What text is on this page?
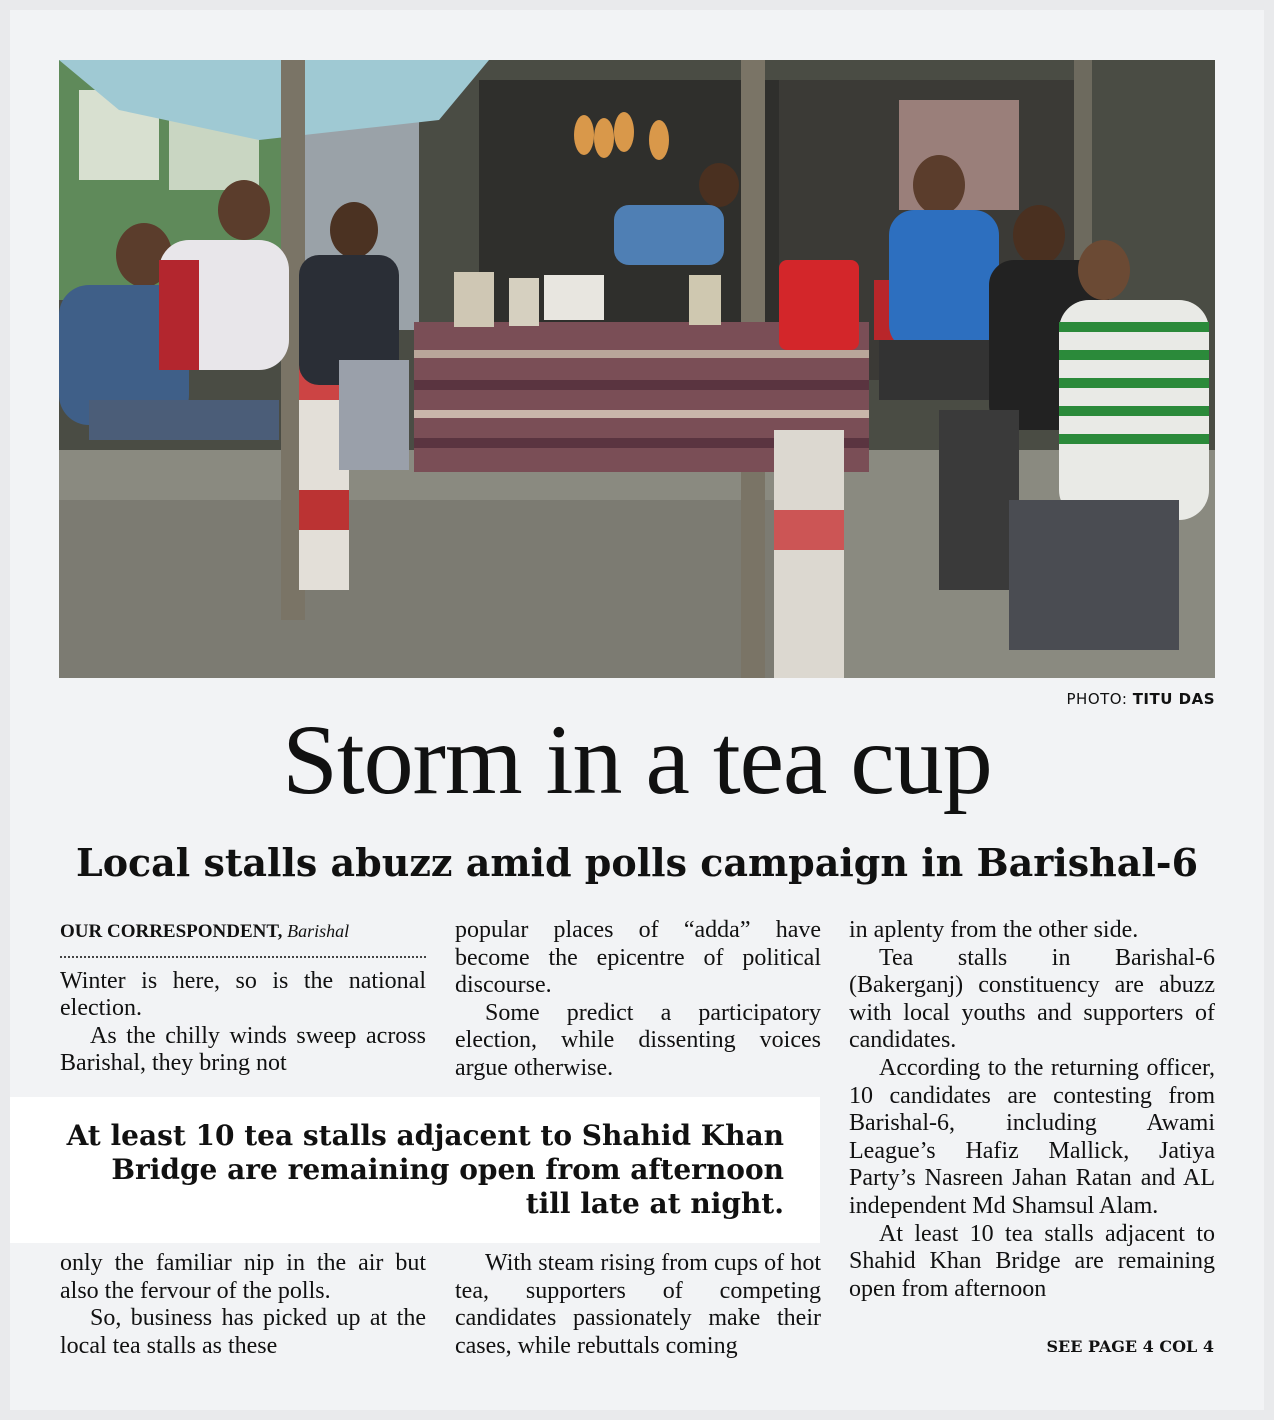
PHOTO: TITU DAS
Storm in a tea cup
Local stalls abuzz amid polls campaign in Barishal-6
OUR CORRESPONDENT, Barishal

Winter is here, so is the national election.

As the chilly winds sweep across Barishal, they bring not

popular places of “adda” have become the epicentre of political discourse.

Some predict a participatory election, while dissenting voices argue otherwise.

in aplenty from the other side.

Tea stalls in Barishal-6 (Bakerganj) constituency are abuzz with local youths and supporters of candidates.

According to the returning officer, 10 candidates are contesting from Barishal-6, including Awami League’s Hafiz Mallick, Jatiya Party’s Nasreen Jahan Ratan and AL independent Md Shamsul Alam.

At least 10 tea stalls adjacent to Shahid Khan Bridge are remaining open from afternoon

At least 10 tea stalls adjacent to Shahid Khan Bridge are remaining open from afternoon till late at night.

only the familiar nip in the air but also the fervour of the polls.

So, business has picked up at the local tea stalls as these

With steam rising from cups of hot tea, supporters of competing candidates passionately make their cases, while rebuttals coming	SEE PAGE 4 COL 4
